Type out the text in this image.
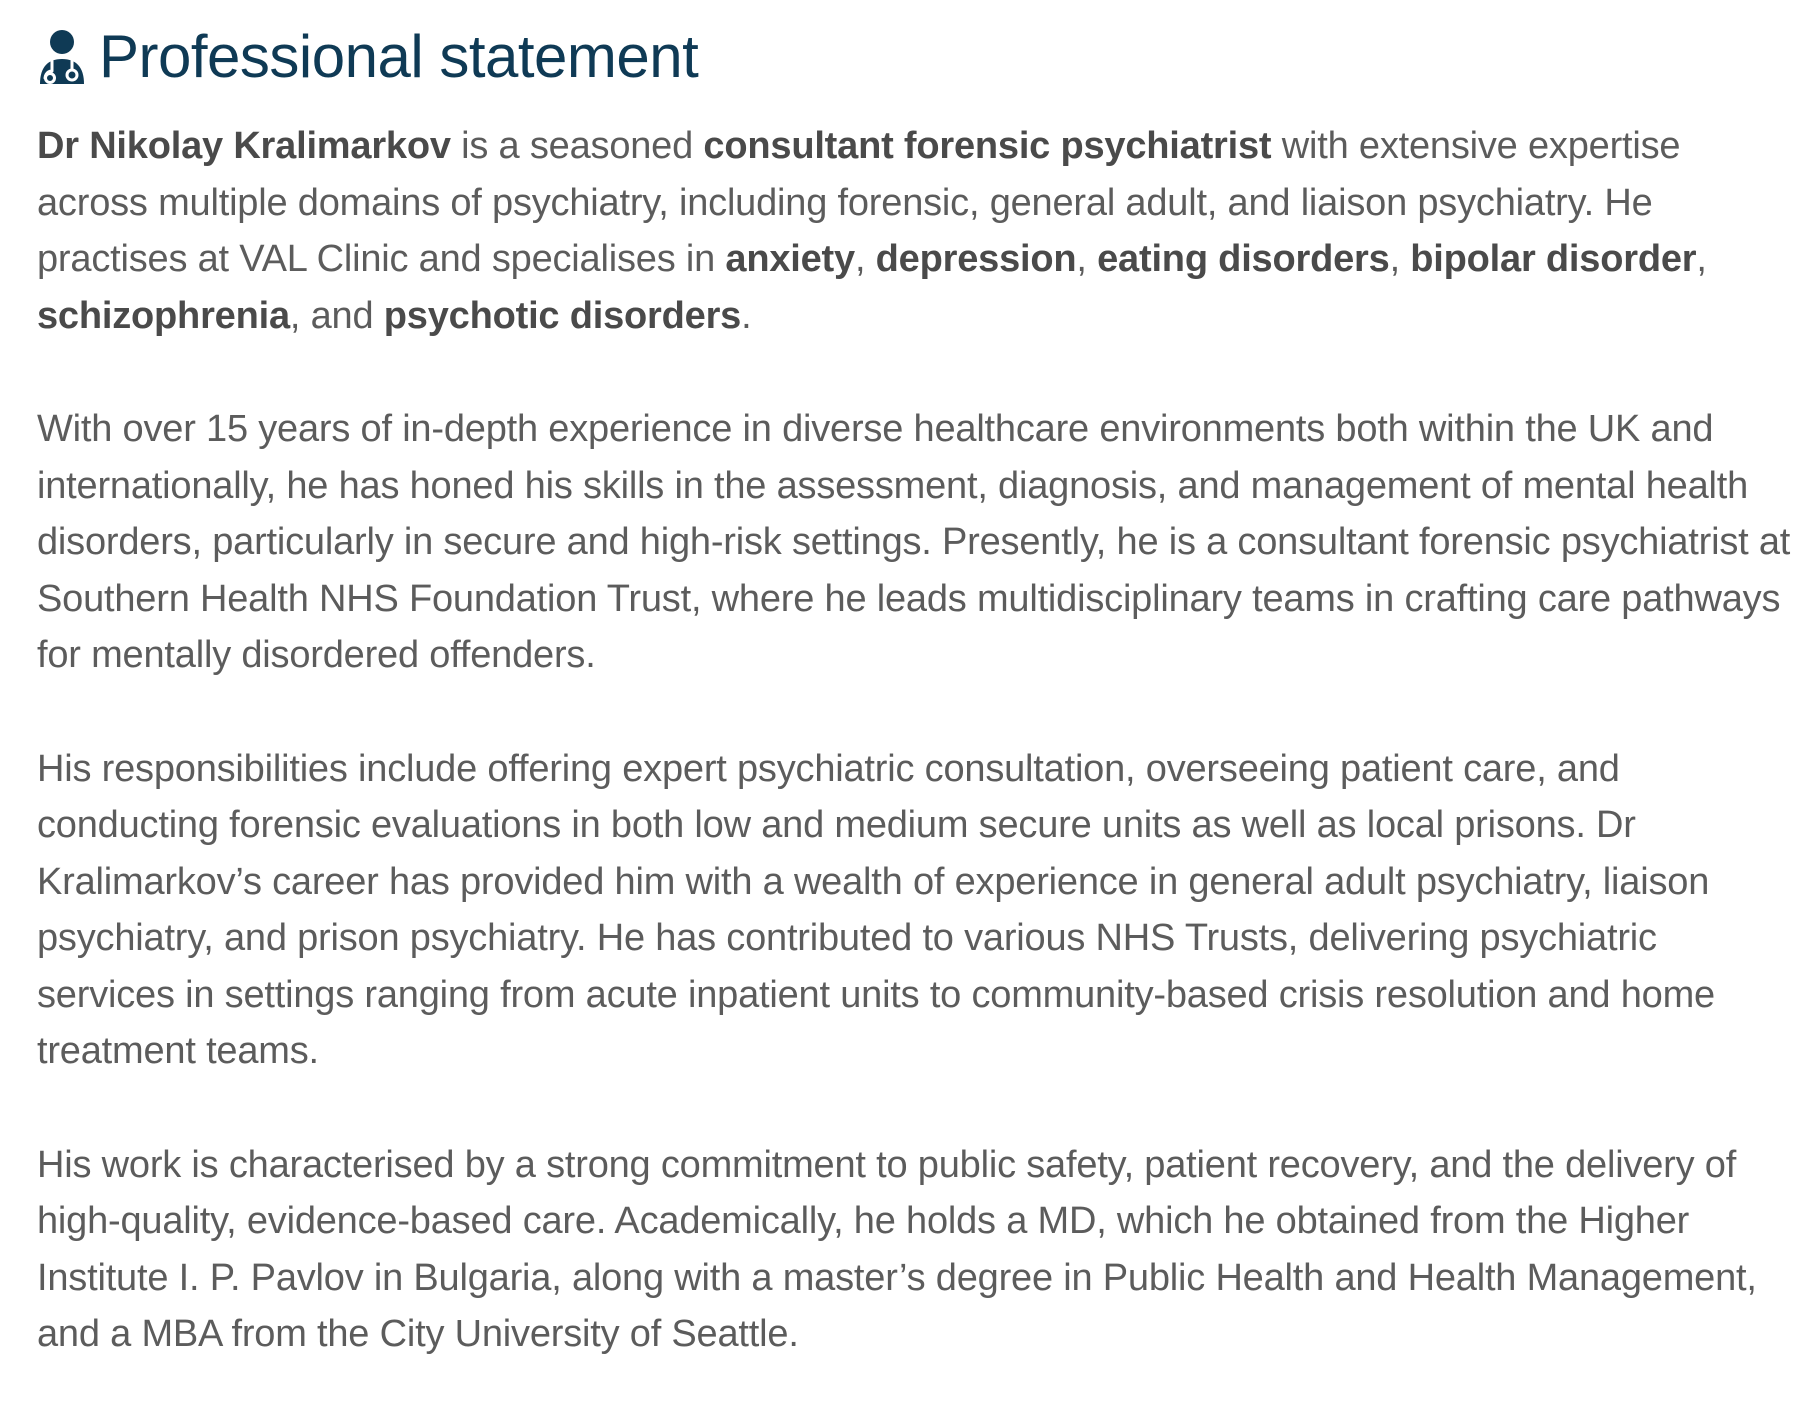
Professional statement

Dr Nikolay Kralimarkov is a seasoned consultant forensic psychiatrist with extensive expertise across multiple domains of psychiatry, including forensic, general adult, and liaison psychiatry. He practises at VAL Clinic and specialises in anxiety, depression, eating disorders, bipolar disorder, schizophrenia, and psychotic disorders.

With over 15 years of in-depth experience in diverse healthcare environments both within the UK and internationally, he has honed his skills in the assessment, diagnosis, and management of mental health disorders, particularly in secure and high-risk settings. Presently, he is a consultant forensic psychiatrist at Southern Health NHS Foundation Trust, where he leads multidisciplinary teams in crafting care pathways for mentally disordered offenders.

His responsibilities include offering expert psychiatric consultation, overseeing patient care, and conducting forensic evaluations in both low and medium secure units as well as local prisons. Dr Kralimarkov’s career has provided him with a wealth of experience in general adult psychiatry, liaison psychiatry, and prison psychiatry. He has contributed to various NHS Trusts, delivering psychiatric services in settings ranging from acute inpatient units to community-based crisis resolution and home treatment teams.

His work is characterised by a strong commitment to public safety, patient recovery, and the delivery of high-quality, evidence-based care. Academically, he holds a MD, which he obtained from the Higher Institute I. P. Pavlov in Bulgaria, along with a master’s degree in Public Health and Health Management, and a MBA from the City University of Seattle.
